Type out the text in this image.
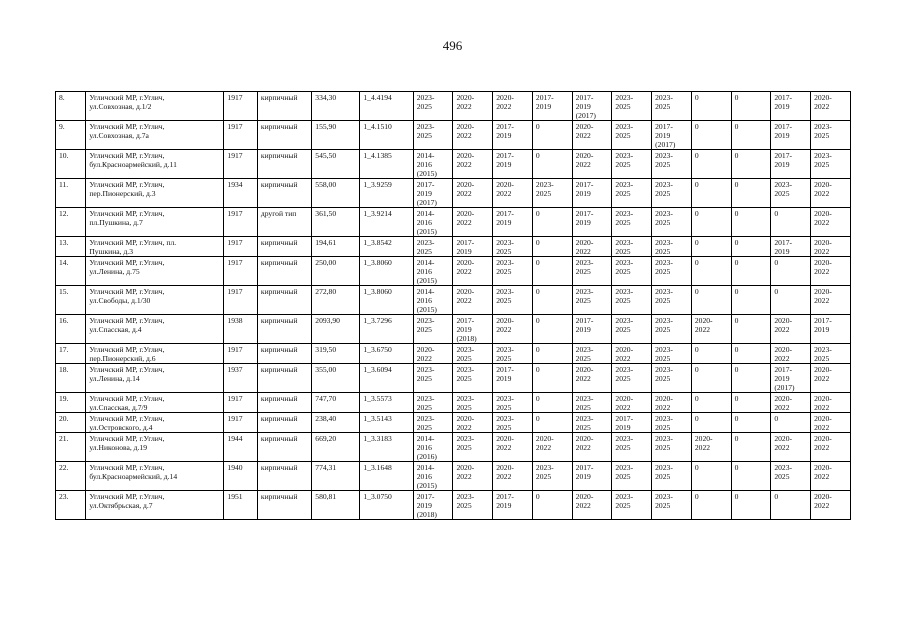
496
8.	Угличский МР, г.Углич,
ул.Совхозная, д.1/2	1917	кирпичный	334,30	1_4.4194	2023-
2025	2020-
2022	2020-
2022	2017-
2019	2017-
2019
(2017)	2023-
2025	2023-
2025	0	0	2017-
2019	2020-
2022
9.	Угличский МР, г.Углич,
ул.Совхозная, д.7а	1917	кирпичный	155,90	1_4.1510	2023-
2025	2020-
2022	2017-
2019	0	2020-
2022	2023-
2025	2017-
2019
(2017)	0	0	2017-
2019	2023-
2025
10.	Угличский МР, г.Углич,
бул.Красноармейский, д.11	1917	кирпичный	545,50	1_4.1385	2014-
2016
(2015)	2020-
2022	2017-
2019	0	2020-
2022	2023-
2025	2023-
2025	0	0	2017-
2019	2023-
2025
11.	Угличский МР, г.Углич,
пер.Пионерский, д.3	1934	кирпичный	558,00	1_3.9259	2017-
2019
(2017)	2020-
2022	2020-
2022	2023-
2025	2017-
2019	2023-
2025	2023-
2025	0	0	2023-
2025	2020-
2022
12.	Угличский МР, г.Углич,
пл.Пушкина, д.7	1917	другой тип	361,50	1_3.9214	2014-
2016
(2015)	2020-
2022	2017-
2019	0	2017-
2019	2023-
2025	2023-
2025	0	0	0	2020-
2022
13.	Угличский МР, г.Углич, пл.
Пушкина, д.3	1917	кирпичный	194,61	1_3.8542	2023-
2025	2017-
2019	2023-
2025	0	2020-
2022	2023-
2025	2023-
2025	0	0	2017-
2019	2020-
2022
14.	Угличский МР, г.Углич,
ул.Ленина, д.75	1917	кирпичный	250,00	1_3.8060	2014-
2016
(2015)	2020-
2022	2023-
2025	0	2023-
2025	2023-
2025	2023-
2025	0	0	0	2020-
2022
15.	Угличский МР, г.Углич,
ул.Свободы, д.1/30	1917	кирпичный	272,80	1_3.8060	2014-
2016
(2015)	2020-
2022	2023-
2025	0	2023-
2025	2023-
2025	2023-
2025	0	0	0	2020-
2022
16.	Угличский МР, г.Углич,
ул.Спасская, д.4	1938	кирпичный	2093,90	1_3.7296	2023-
2025	2017-
2019
(2018)	2020-
2022	0	2017-
2019	2023-
2025	2023-
2025	2020-
2022	0	2020-
2022	2017-
2019
17.	Угличский МР, г.Углич,
пер.Пионерский, д.6	1917	кирпичный	319,50	1_3.6750	2020-
2022	2023-
2025	2023-
2025	0	2023-
2025	2020-
2022	2023-
2025	0	0	2020-
2022	2023-
2025
18.	Угличский МР, г.Углич,
ул.Ленина, д.14	1937	кирпичный	355,00	1_3.6094	2023-
2025	2023-
2025	2017-
2019	0	2020-
2022	2023-
2025	2023-
2025	0	0	2017-
2019
(2017)	2020-
2022
19.	Угличский МР, г.Углич,
ул.Спасская, д.7/9	1917	кирпичный	747,70	1_3.5573	2023-
2025	2023-
2025	2023-
2025	0	2023-
2025	2020-
2022	2020-
2022	0	0	2020-
2022	2020-
2022
20.	Угличский МР, г.Углич,
ул.Островского, д.4	1917	кирпичный	238,40	1_3.5143	2023-
2025	2020-
2022	2023-
2025	0	2023-
2025	2017-
2019	2023-
2025	0	0	0	2020-
2022
21.	Угличский МР, г.Углич,
ул.Никонова, д.19	1944	кирпичный	669,20	1_3.3183	2014-
2016
(2016)	2023-
2025	2020-
2022	2020-
2022	2020-
2022	2023-
2025	2023-
2025	2020-
2022	0	2020-
2022	2020-
2022
22.	Угличский МР, г.Углич,
бул.Красноармейский, д.14	1940	кирпичный	774,31	1_3.1648	2014-
2016
(2015)	2020-
2022	2020-
2022	2023-
2025	2017-
2019	2023-
2025	2023-
2025	0	0	2023-
2025	2020-
2022
23.	Угличский МР, г.Углич,
ул.Октябрьская, д.7	1951	кирпичный	580,81	1_3.0750	2017-
2019
(2018)	2023-
2025	2017-
2019	0	2020-
2022	2023-
2025	2023-
2025	0	0	0	2020-
2022
